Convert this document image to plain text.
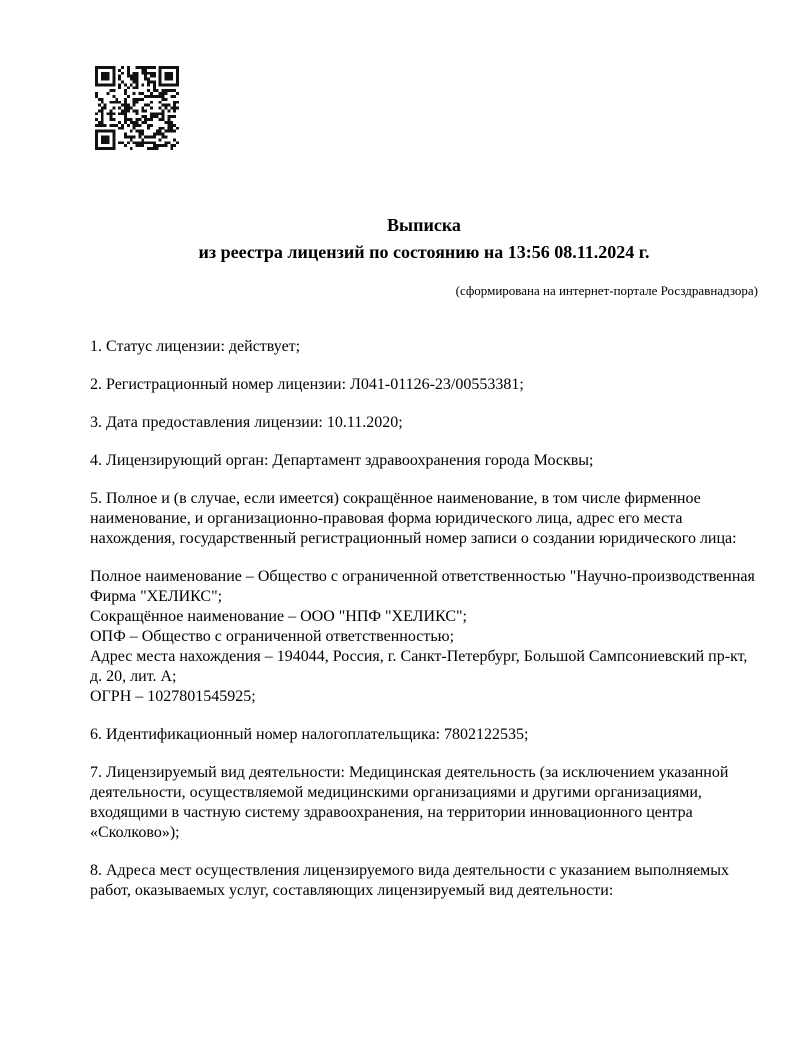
Выписка
из реестра лицензий по состоянию на 13:56 08.11.2024 г.
(сформирована на интернет-портале Росздравнадзора)
1. Статус лицензии: действует;
2. Регистрационный номер лицензии: Л041-01126-23/00553381;
3. Дата предоставления лицензии: 10.11.2020;
4. Лицензирующий орган: Департамент здравоохранения города Москвы;
5. Полное и (в случае, если имеется) сокращённое наименование, в том числе фирменное наименование, и организационно-правовая форма юридического лица, адрес его места нахождения, государственный регистрационный номер записи о создании юридического лица:
Полное наименование – Общество с ограниченной ответственностью "Научно-производственная Фирма "ХЕЛИКС";
Сокращённое наименование – ООО "НПФ "ХЕЛИКС";
ОПФ – Общество с ограниченной ответственностью;
Адрес места нахождения – 194044, Россия, г. Санкт-Петербург, Большой Сампсониевский пр-кт, д. 20, лит. А;
ОГРН – 1027801545925;
6. Идентификационный номер налогоплательщика: 7802122535;
7. Лицензируемый вид деятельности: Медицинская деятельность (за исключением указанной деятельности, осуществляемой медицинскими организациями и другими организациями, входящими в частную систему здравоохранения, на территории инновационного центра «Сколково»);
8. Адреса мест осуществления лицензируемого вида деятельности с указанием выполняемых работ, оказываемых услуг, составляющих лицензируемый вид деятельности:
